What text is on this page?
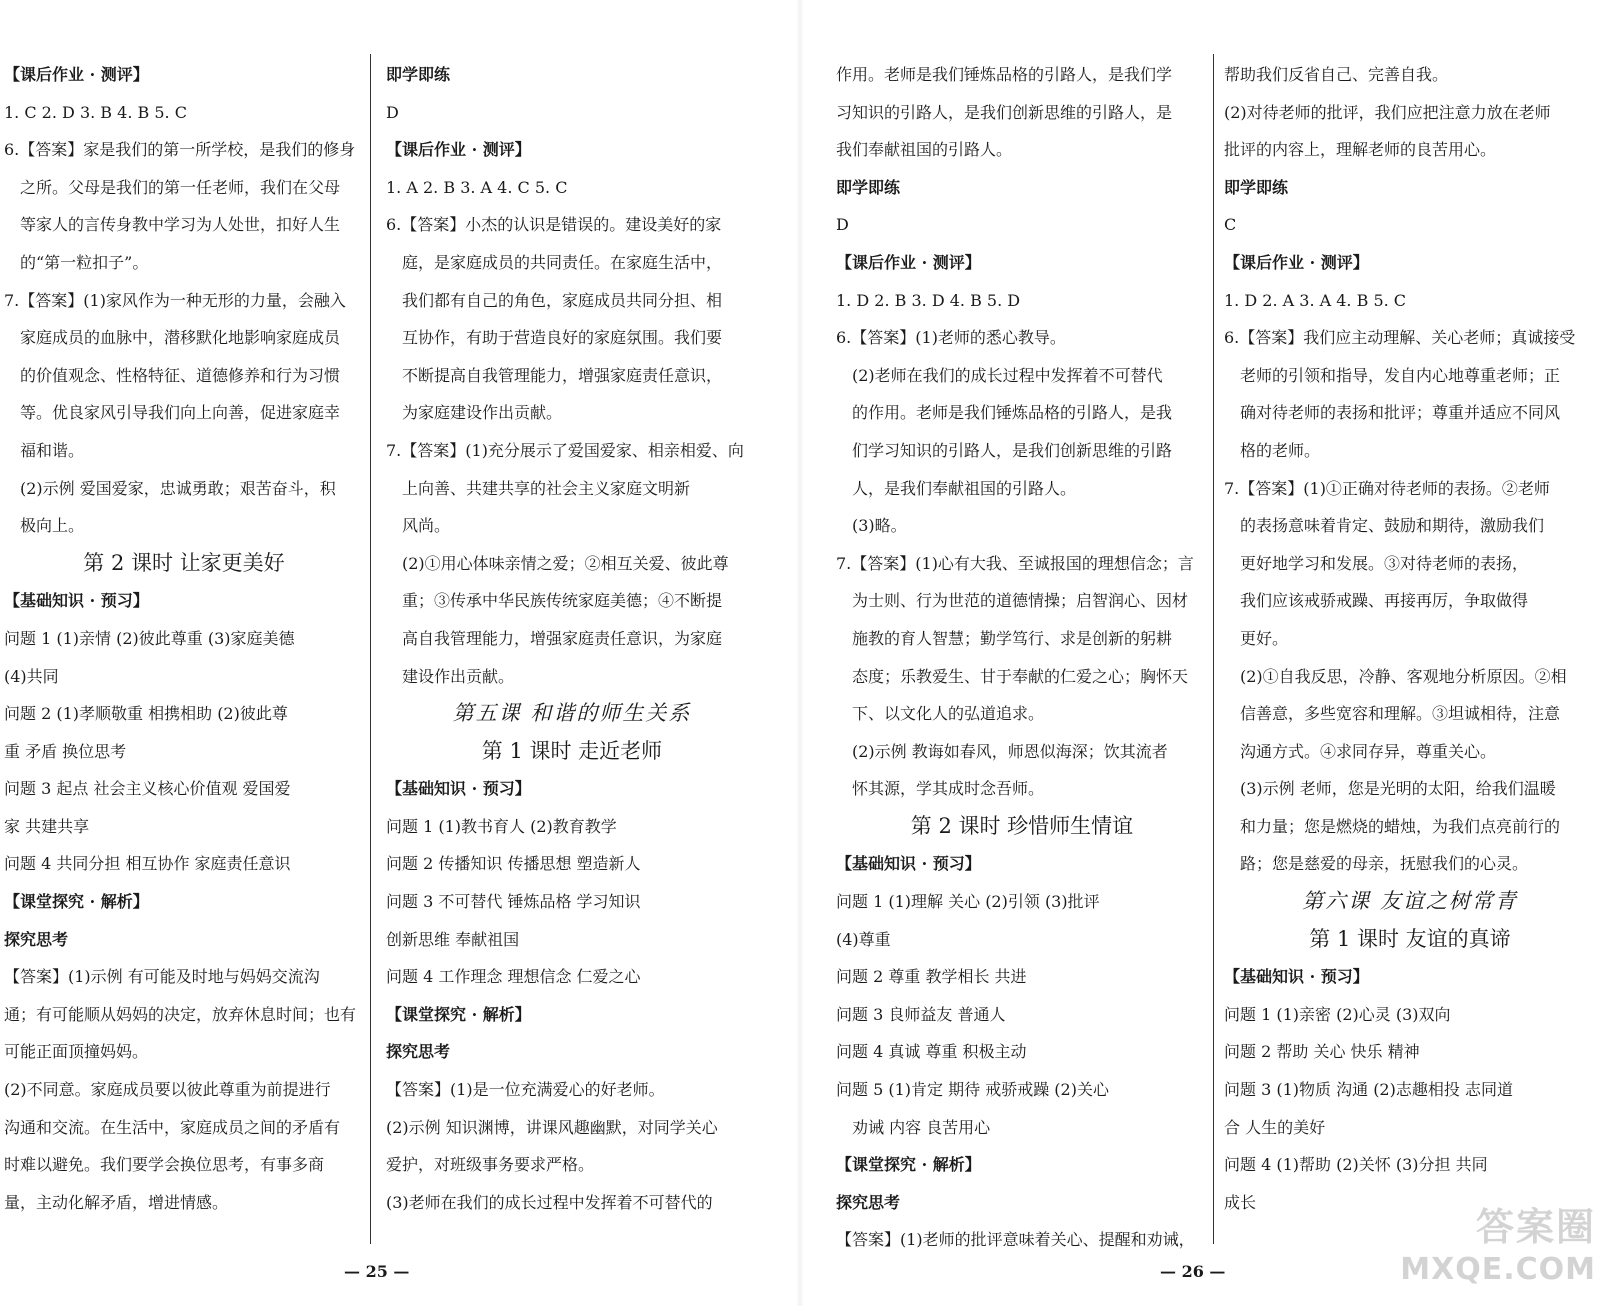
【课后作业 · 测评】
1. C 2. D 3. B 4. B 5. C
6.【答案】家是我们的第一所学校，是我们的修身
之所。父母是我们的第一任老师，我们在父母
等家人的言传身教中学习为人处世，扣好人生
的“第一粒扣子”。
7.【答案】(1)家风作为一种无形的力量，会融入
家庭成员的血脉中，潜移默化地影响家庭成员
的价值观念、性格特征、道德修养和行为习惯
等。优良家风引导我们向上向善，促进家庭幸
福和谐。
(2)示例 爱国爱家，忠诚勇敢；艰苦奋斗，积
极向上。
第 2 课时 让家更美好
【基础知识 · 预习】
问题 1 (1)亲情 (2)彼此尊重 (3)家庭美德
(4)共同
问题 2 (1)孝顺敬重 相携相助 (2)彼此尊
重 矛盾 换位思考
问题 3 起点 社会主义核心价值观 爱国爱
家 共建共享
问题 4 共同分担 相互协作 家庭责任意识
【课堂探究 · 解析】
探究思考
【答案】(1)示例 有可能及时地与妈妈交流沟
通；有可能顺从妈妈的决定，放弃休息时间；也有
可能正面顶撞妈妈。
(2)不同意。家庭成员要以彼此尊重为前提进行
沟通和交流。在生活中，家庭成员之间的矛盾有
时难以避免。我们要学会换位思考，有事多商
量，主动化解矛盾，增进情感。
即学即练
D
【课后作业 · 测评】
1. A 2. B 3. A 4. C 5. C
6.【答案】小杰的认识是错误的。建设美好的家
庭，是家庭成员的共同责任。在家庭生活中，
我们都有自己的角色，家庭成员共同分担、相
互协作，有助于营造良好的家庭氛围。我们要
不断提高自我管理能力，增强家庭责任意识，
为家庭建设作出贡献。
7.【答案】(1)充分展示了爱国爱家、相亲相爱、向
上向善、共建共享的社会主义家庭文明新
风尚。
(2)①用心体味亲情之爱；②相互关爱、彼此尊
重；③传承中华民族传统家庭美德；④不断提
高自我管理能力，增强家庭责任意识，为家庭
建设作出贡献。
第五课 和谐的师生关系
第 1 课时 走近老师
【基础知识 · 预习】
问题 1 (1)教书育人 (2)教育教学
问题 2 传播知识 传播思想 塑造新人
问题 3 不可替代 锤炼品格 学习知识
创新思维 奉献祖国
问题 4 工作理念 理想信念 仁爱之心
【课堂探究 · 解析】
探究思考
【答案】(1)是一位充满爱心的好老师。
(2)示例 知识渊博，讲课风趣幽默，对同学关心
爱护，对班级事务要求严格。
(3)老师在我们的成长过程中发挥着不可替代的
作用。老师是我们锤炼品格的引路人，是我们学
习知识的引路人，是我们创新思维的引路人，是
我们奉献祖国的引路人。
即学即练
D
【课后作业 · 测评】
1. D 2. B 3. D 4. B 5. D
6.【答案】(1)老师的悉心教导。
(2)老师在我们的成长过程中发挥着不可替代
的作用。老师是我们锤炼品格的引路人，是我
们学习知识的引路人，是我们创新思维的引路
人，是我们奉献祖国的引路人。
(3)略。
7.【答案】(1)心有大我、至诚报国的理想信念；言
为士则、行为世范的道德情操；启智润心、因材
施教的育人智慧；勤学笃行、求是创新的躬耕
态度；乐教爱生、甘于奉献的仁爱之心；胸怀天
下、以文化人的弘道追求。
(2)示例 教诲如春风，师恩似海深；饮其流者
怀其源，学其成时念吾师。
第 2 课时 珍惜师生情谊
【基础知识 · 预习】
问题 1 (1)理解 关心 (2)引领 (3)批评
(4)尊重
问题 2 尊重 教学相长 共进
问题 3 良师益友 普通人
问题 4 真诚 尊重 积极主动
问题 5 (1)肯定 期待 戒骄戒躁 (2)关心
劝诫 内容 良苦用心
【课堂探究 · 解析】
探究思考
【答案】(1)老师的批评意味着关心、提醒和劝诫，
帮助我们反省自己、完善自我。
(2)对待老师的批评，我们应把注意力放在老师
批评的内容上，理解老师的良苦用心。
即学即练
C
【课后作业 · 测评】
1. D 2. A 3. A 4. B 5. C
6.【答案】我们应主动理解、关心老师；真诚接受
老师的引领和指导，发自内心地尊重老师；正
确对待老师的表扬和批评；尊重并适应不同风
格的老师。
7.【答案】(1)①正确对待老师的表扬。②老师
的表扬意味着肯定、鼓励和期待，激励我们
更好地学习和发展。③对待老师的表扬，
我们应该戒骄戒躁、再接再厉，争取做得
更好。
(2)①自我反思，冷静、客观地分析原因。②相
信善意，多些宽容和理解。③坦诚相待，注意
沟通方式。④求同存异，尊重关心。
(3)示例 老师，您是光明的太阳，给我们温暖
和力量；您是燃烧的蜡烛，为我们点亮前行的
路；您是慈爱的母亲，抚慰我们的心灵。
第六课 友谊之树常青
第 1 课时 友谊的真谛
【基础知识 · 预习】
问题 1 (1)亲密 (2)心灵 (3)双向
问题 2 帮助 关心 快乐 精神
问题 3 (1)物质 沟通 (2)志趣相投 志同道
合 人生的美好
问题 4 (1)帮助 (2)关怀 (3)分担 共同
成长
— 25 —	— 26 —
答案圈
MXQE.COM
